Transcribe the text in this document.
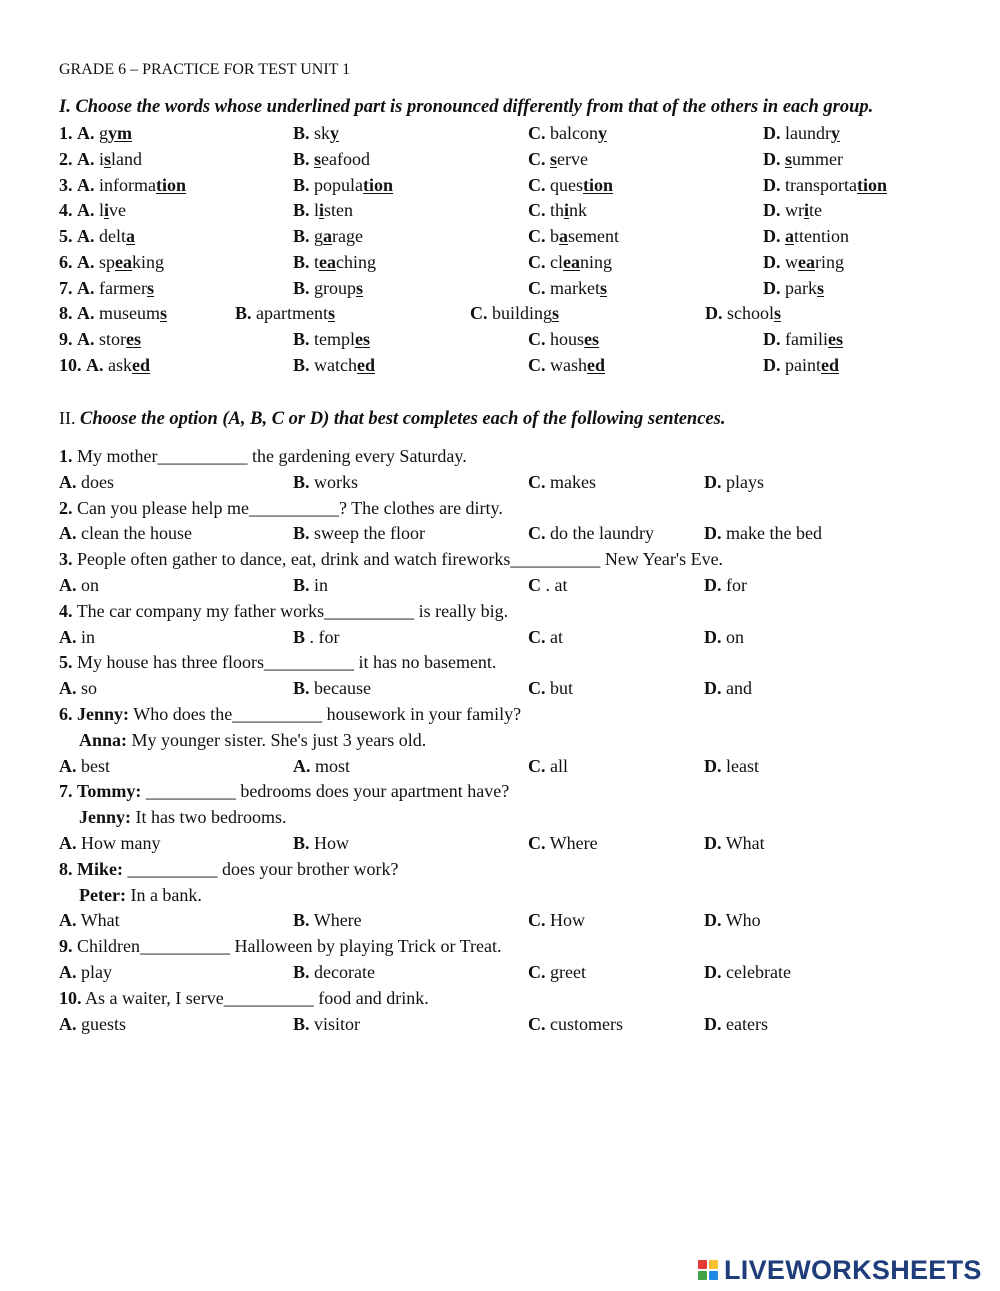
GRADE 6 – PRACTICE FOR TEST UNIT 1
I. Choose the words whose underlined part is pronounced differently from that of the others in each group.
1. A. gym	B. sky	C. balcony	D. laundry
2. A. island	B. seafood	C. serve	D. summer
3. A. information	B. population	C. question	D. transportation
4. A. live	B. listen	C. think	D. write
5. A. delta	B. garage	C. basement	D. attention
6. A. speaking	B. teaching	C. cleaning	D. wearing
7. A. farmers	B. groups	C. markets	D. parks
8. A. museums	B. apartments	C. buildings	D. schools
9. A. stores	B. temples	C. houses	D. families
10. A. asked	B. watched	C. washed	D. painted
II. Choose the option (A, B, C or D) that best completes each of the following sentences.
1. My mother__________ the gardening every Saturday.
A. does	B. works	C. makes	D. plays
2. Can you please help me__________? The clothes are dirty.
A. clean the house	B. sweep the floor	C. do the laundry	D. make the bed
3. People often gather to dance, eat, drink and watch fireworks__________ New Year's Eve.
A. on	B. in	C . at	D. for
4. The car company my father works__________ is really big.
A. in	B . for	C. at	D. on
5. My house has three floors__________ it has no basement.
A. so	B. because	C. but	D. and
6. Jenny: Who does the__________ housework in your family?
Anna: My younger sister. She's just 3 years old.
A. best	A. most	C. all	D. least
7. Tommy: __________ bedrooms does your apartment have?
Jenny: It has two bedrooms.
A. How many	B. How	C. Where	D. What
8. Mike: __________ does your brother work?
Peter: In a bank.
A. What	B. Where	C. How	D. Who
9. Children__________ Halloween by playing Trick or Treat.
A. play	B. decorate	C. greet	D. celebrate
10. As a waiter, I serve__________ food and drink.
A. guests	B. visitor	C. customers	D. eaters
LIVEWORKSHEETS
